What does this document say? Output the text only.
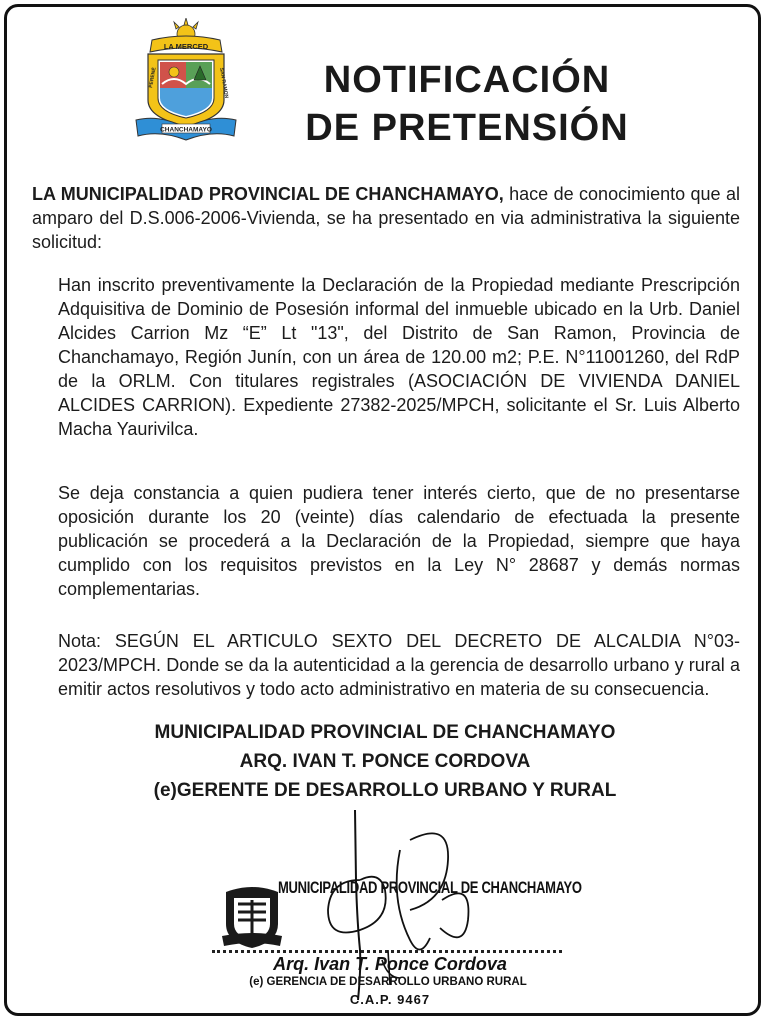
LA MERCED
PERENÉ	SAN RAMON
CHANCHAMAYO
NOTIFICACIÓN
DE PRETENSIÓN
LA MUNICIPALIDAD PROVINCIAL DE CHANCHAMAYO, hace de conocimiento que al amparo del D.S.006-2006-Vivienda, se ha presentado en via administrativa la siguiente solicitud:
Han inscrito preventivamente la Declaración de la Propiedad mediante Prescripción Adquisitiva de Dominio de Posesión informal del inmueble ubicado en la Urb. Daniel Alcides Carrion Mz “E” Lt "13", del Distrito de San Ramon, Provincia de Chanchamayo, Región Junín, con un área de 120.00 m2; P.E. N°11001260, del RdP de la ORLM. Con titulares registrales (ASOCIACIÓN DE VIVIENDA DANIEL ALCIDES CARRION). Expediente 27382-2025/MPCH, solicitante el Sr. Luis Alberto Macha Yaurivilca.
Se deja constancia a quien pudiera tener interés cierto, que de no presentarse oposición durante los 20 (veinte) días calendario de efectuada la presente publicación se procederá a la Declaración de la Propiedad, siempre que haya cumplido con los requisitos previstos en la Ley N° 28687 y demás normas complementarias.
Nota: SEGÚN EL ARTICULO SEXTO DEL DECRETO DE ALCALDIA N°03-2023/MPCH. Donde se da la autenticidad a la gerencia de desarrollo urbano y rural a emitir actos resolutivos y todo acto administrativo en materia de su consecuencia.
MUNICIPALIDAD PROVINCIAL DE CHANCHAMAYO
ARQ. IVAN T. PONCE CORDOVA
(e)GERENTE DE DESARROLLO URBANO Y RURAL
MUNICIPALIDAD PROVINCIAL DE CHANCHAMAYO
Arq. Ivan T. Ponce Cordova
(e) GERENCIA DE DESARROLLO URBANO RURAL
C.A.P. 9467
